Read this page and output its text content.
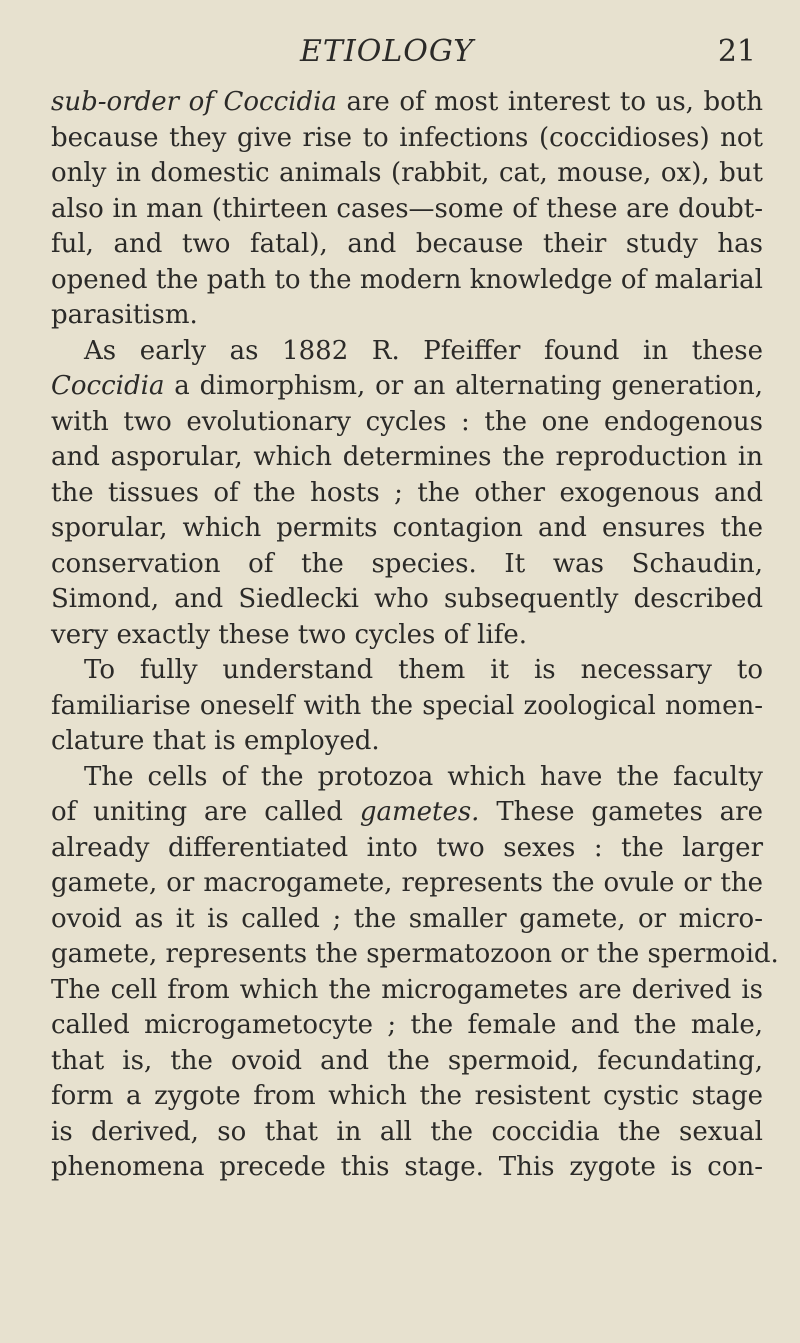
ETIOLOGY	21
sub-order of Coccidia are of most interest to us, both
because they give rise to infections (coccidioses) not
only in domestic animals (rabbit, cat, mouse, ox), but
also in man (thirteen cases—some of these are doubt-
ful, and two fatal), and because their study has
opened the path to the modern knowledge of malarial
parasitism.
As early as 1882 R. Pfeiffer found in these
Coccidia a dimorphism, or an alternating generation,
with two evolutionary cycles : the one endogenous
and asporular, which determines the reproduction in
the tissues of the hosts ; the other exogenous and
sporular, which permits contagion and ensures the
conservation of the species. It was Schaudin,
Simond, and Siedlecki who subsequently described
very exactly these two cycles of life.
To fully understand them it is necessary to
familiarise oneself with the special zoological nomen-
clature that is employed.
The cells of the protozoa which have the faculty
of uniting are called gametes. These gametes are
already differentiated into two sexes : the larger
gamete, or macrogamete, represents the ovule or the
ovoid as it is called ; the smaller gamete, or micro-
gamete, represents the spermatozoon or the spermoid.
The cell from which the microgametes are derived is
called microgametocyte ; the female and the male,
that is, the ovoid and the spermoid, fecundating,
form a zygote from which the resistent cystic stage
is derived, so that in all the coccidia the sexual
phenomena precede this stage. This zygote is con-
